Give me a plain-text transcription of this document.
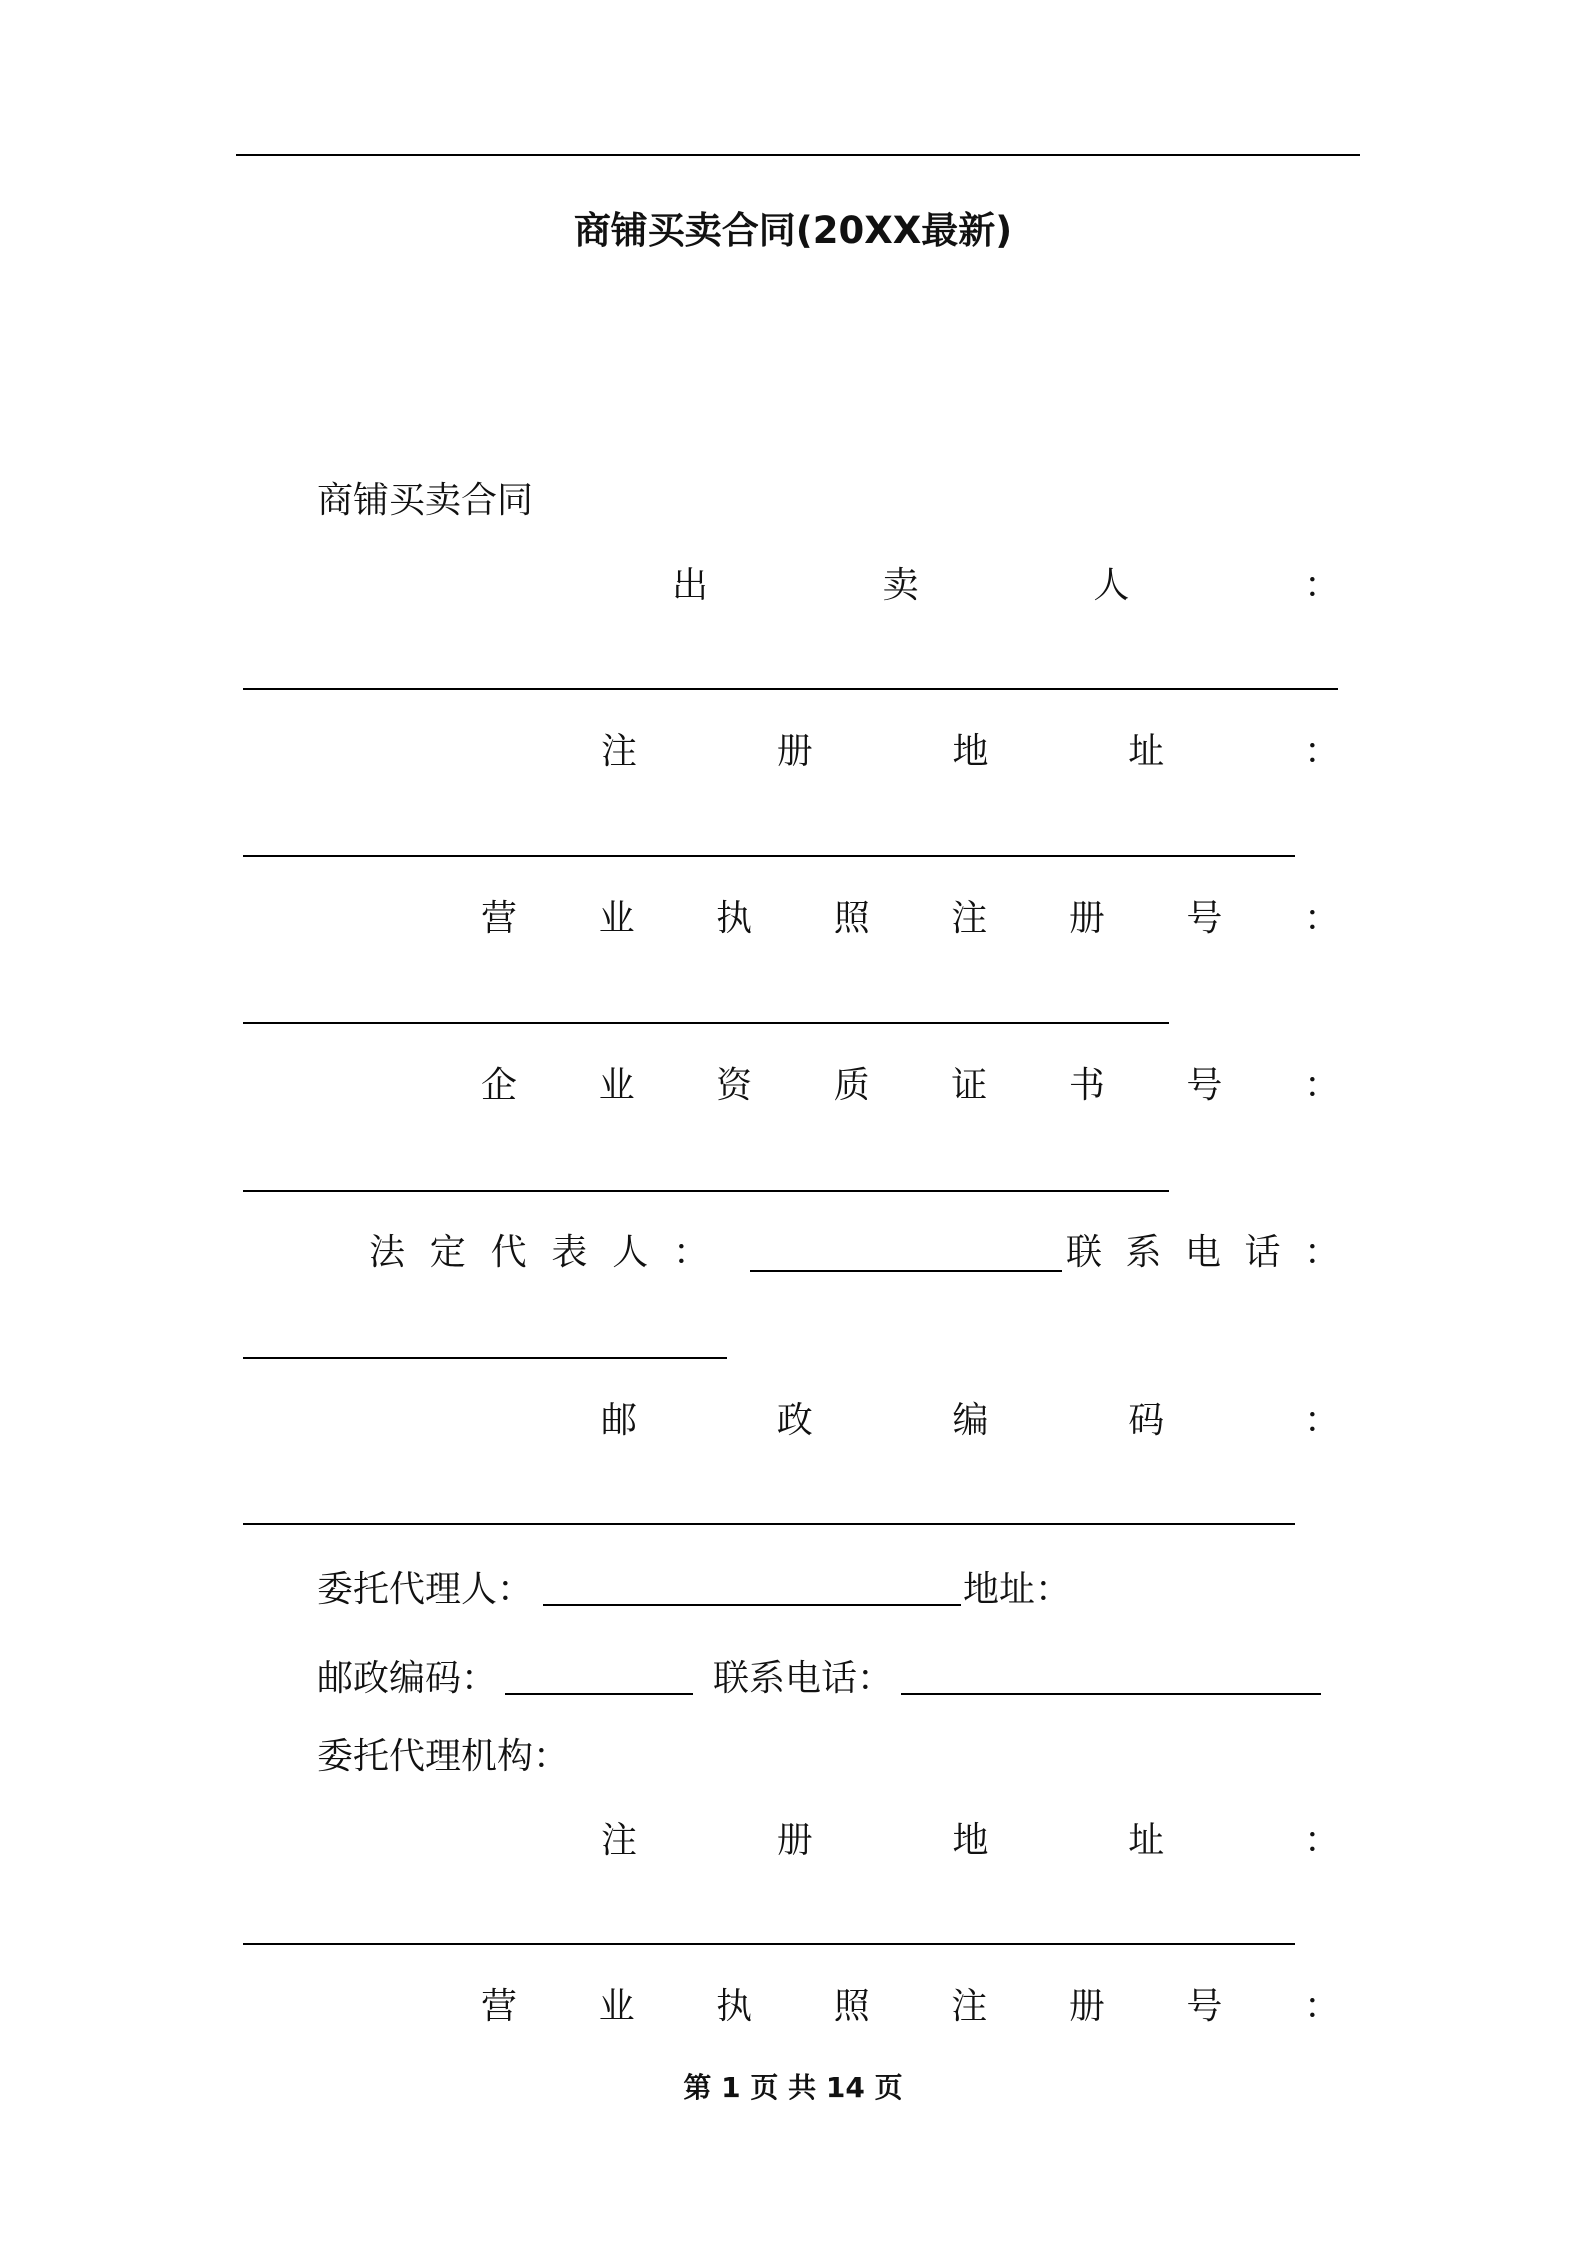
商铺买卖合同(20XX最新)
商铺买卖合同
出	卖	人	：
注	册	地	址	：
营 业 执 照 注 册 号 ：
企 业 资 质 证 书 号 ：
法 定 代 表 人 ：	联 系 电 话 ：
邮	政	编	码	：
委托代理人：	地址：
邮政编码：	联系电话：
委托代理机构：
注	册	地	址	：
营 业 执 照 注 册 号 ：
第 1 页 共 14 页
